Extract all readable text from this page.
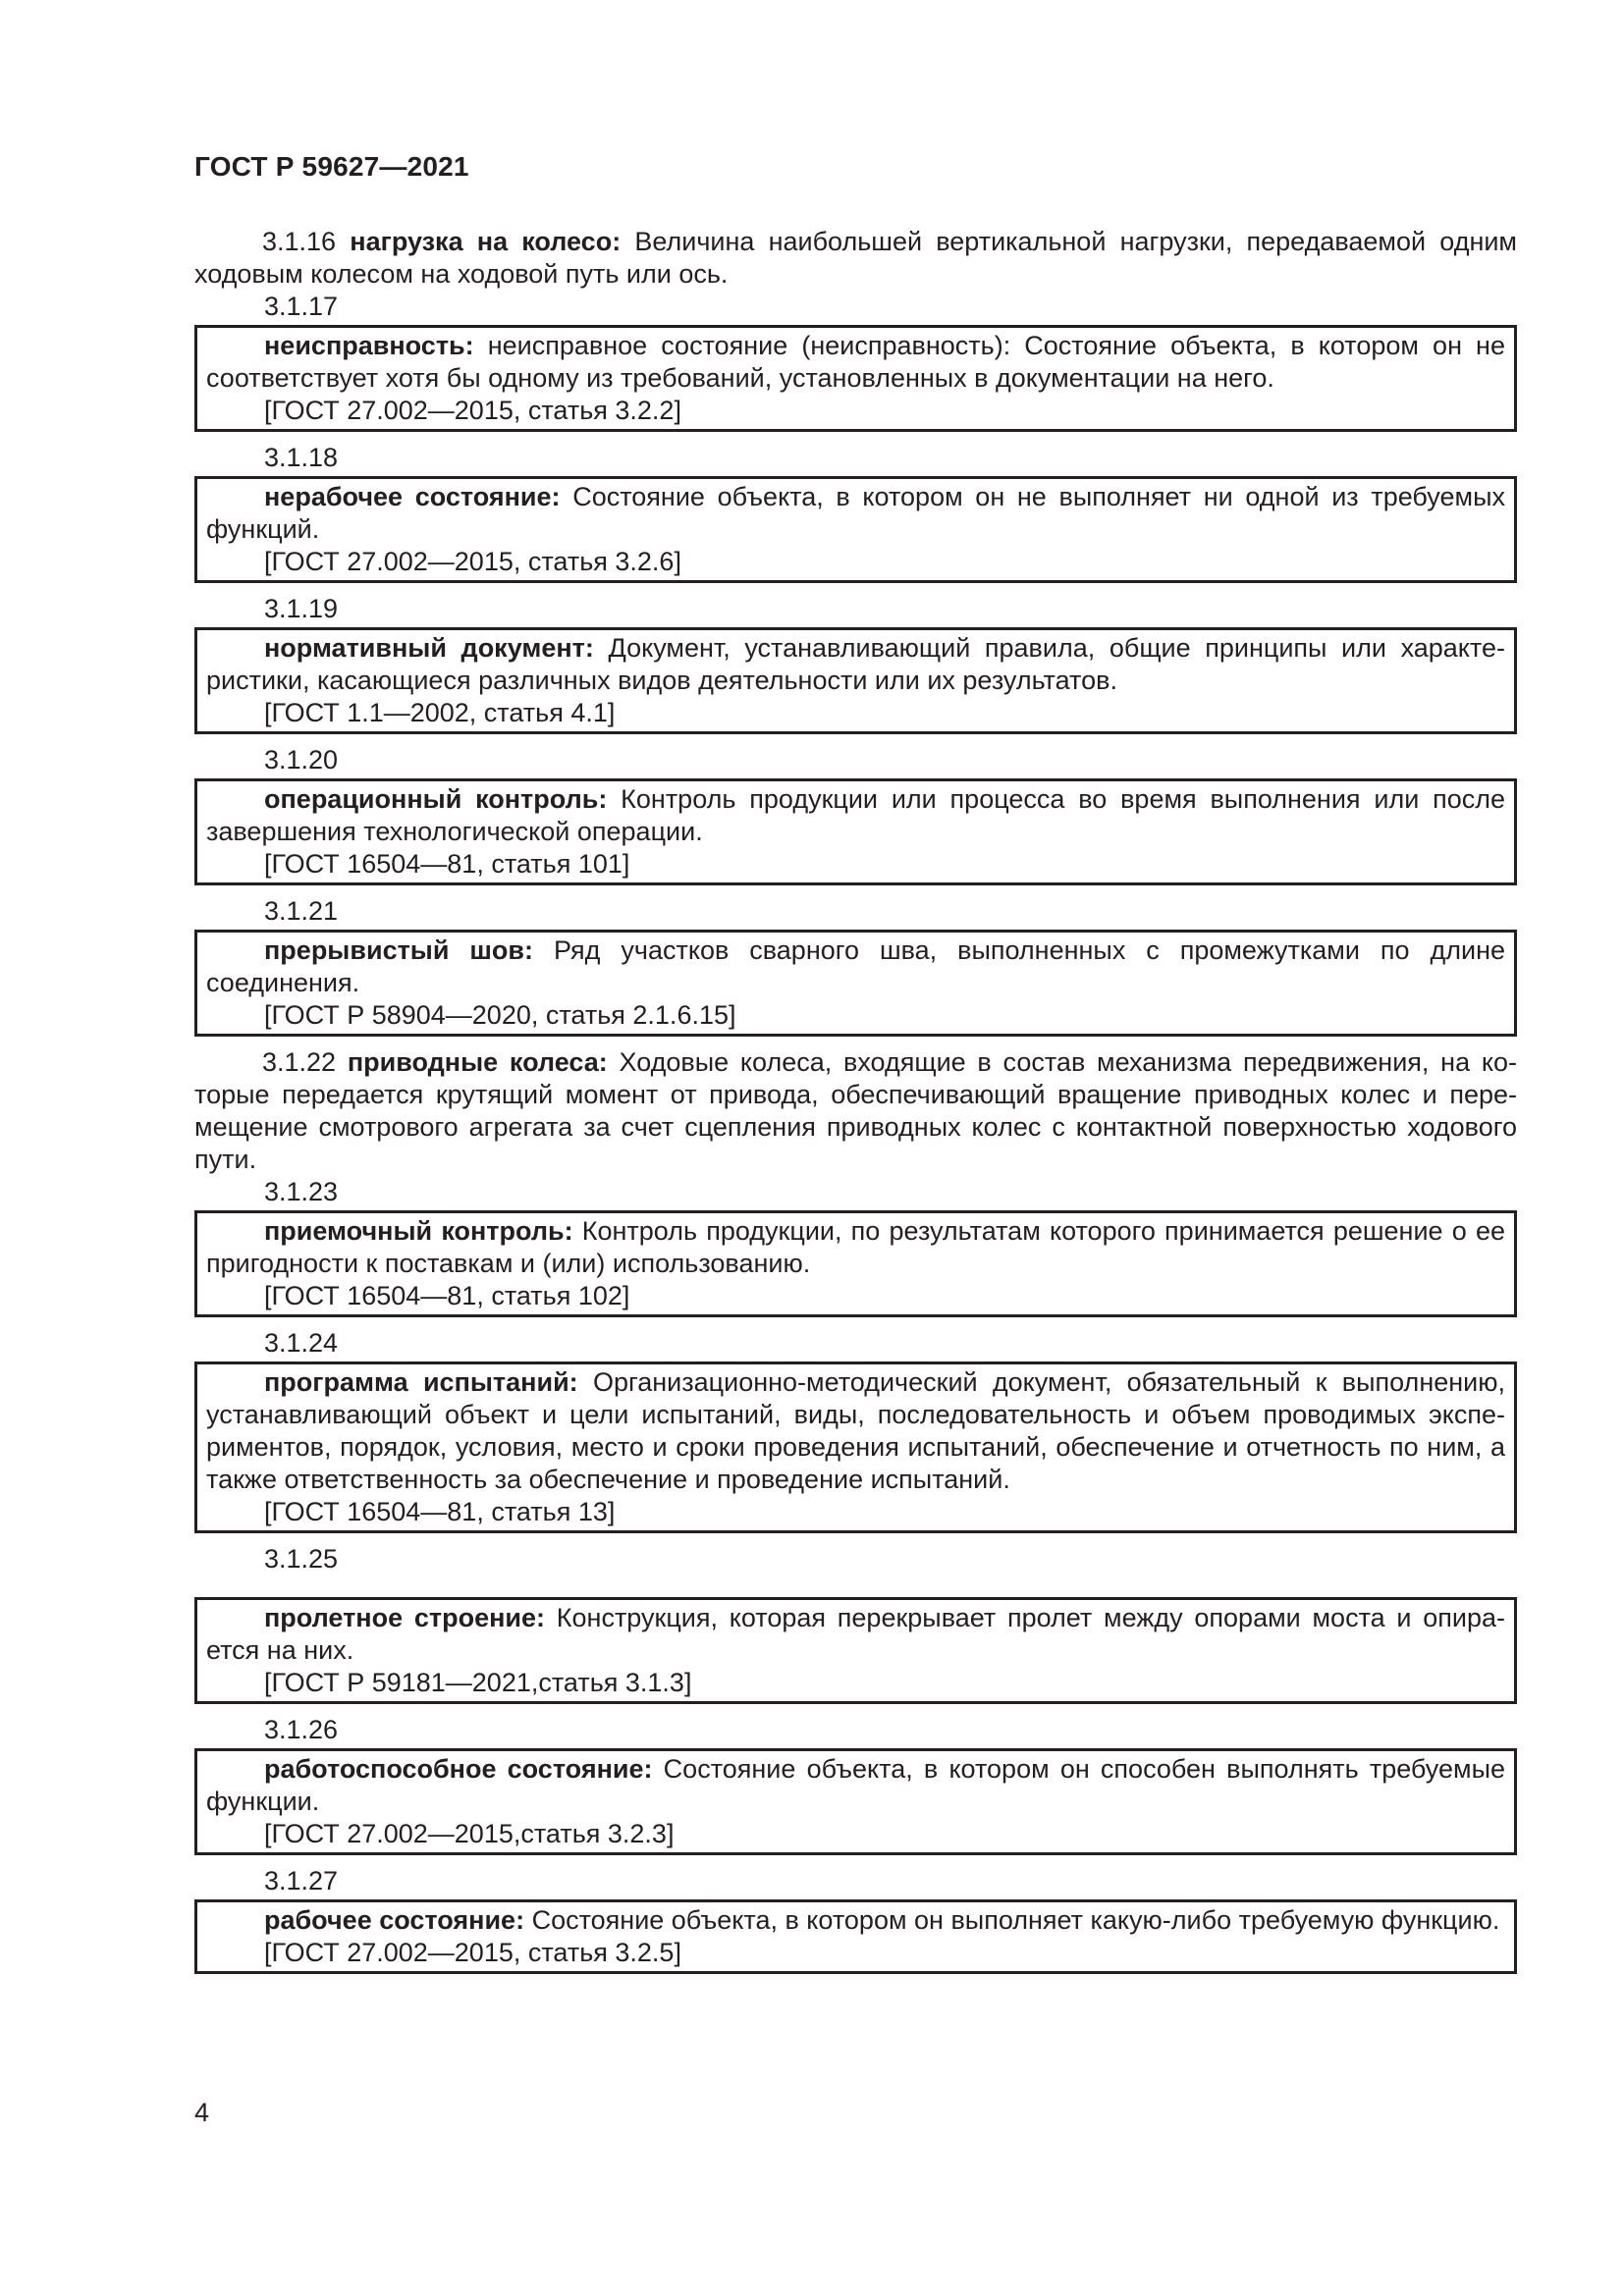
ГОСТ Р 59627—2021

3.1.16 нагрузка на колесо: Величина наибольшей вертикальной нагрузки, передаваемой одним ходовым колесом на ходовой путь или ось.

3.1.17

неисправность: неисправное состояние (неисправность): Состояние объекта, в котором он не соответствует хотя бы одному из требований, установленных в документации на него.

[ГОСТ 27.002—2015, статья 3.2.2]

3.1.18

нерабочее состояние: Состояние объекта, в котором он не выполняет ни одной из требуемых функций.

[ГОСТ 27.002—2015, статья 3.2.6]

3.1.19

нормативный документ: Документ, устанавливающий правила, общие принципы или характе-ристики, касающиеся различных видов деятельности или их результатов.

[ГОСТ 1.1—2002, статья 4.1]

3.1.20

операционный контроль: Контроль продукции или процесса во время выполнения или после завершения технологической операции.

[ГОСТ 16504—81, статья 101]

3.1.21

прерывистый шов: Ряд участков сварного шва, выполненных с промежутками по длине соединения.

[ГОСТ Р 58904—2020, статья 2.1.6.15]

3.1.22 приводные колеса: Ходовые колеса, входящие в состав механизма передвижения, на ко-торые передается крутящий момент от привода, обеспечивающий вращение приводных колес и пере-мещение смотрового агрегата за счет сцепления приводных колес с контактной поверхностью ходового пути.

3.1.23

приемочный контроль: Контроль продукции, по результатам которого принимается решение о ее пригодности к поставкам и (или) использованию.

[ГОСТ 16504—81, статья 102]

3.1.24

программа испытаний: Организационно-методический документ, обязательный к выполнению, устанавливающий объект и цели испытаний, виды, последовательность и объем проводимых экспе-риментов, порядок, условия, место и сроки проведения испытаний, обеспечение и отчетность по ним, а также ответственность за обеспечение и проведение испытаний.

[ГОСТ 16504—81, статья 13]

3.1.25

пролетное строение: Конструкция, которая перекрывает пролет между опорами моста и опира-ется на них.

[ГОСТ Р 59181—2021,статья 3.1.3]

3.1.26

работоспособное состояние: Состояние объекта, в котором он способен выполнять требуемые функции.

[ГОСТ 27.002—2015,статья 3.2.3]

3.1.27

рабочее состояние: Состояние объекта, в котором он выполняет какую-либо требуемую функцию.

[ГОСТ 27.002—2015, статья 3.2.5]

4
